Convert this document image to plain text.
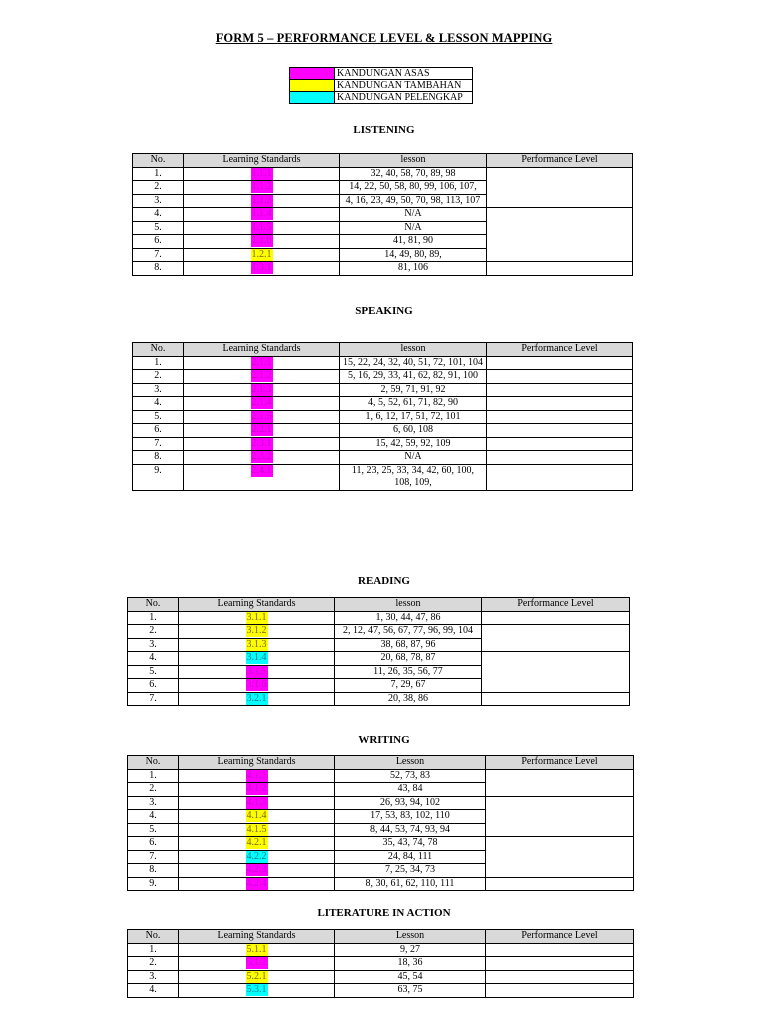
FORM 5 – PERFORMANCE LEVEL & LESSON MAPPING
	KANDUNGAN ASAS
	KANDUNGAN TAMBAHAN
	KANDUNGAN PELENGKAP
LISTENING
No.	Learning Standards	lesson	Performance Level
1.	1.1.1	32, 40, 58, 70, 89, 98	
2.	1.1.2	14, 22, 50, 58, 80, 99, 106, 107,	
3.	1.1.3	4, 16, 23, 49, 50, 70, 98, 113, 107	
4.	1.1.4	N/A	
5.	1.1.5	N/A	
6.	1.1.6	41, 81, 90	
7.	1.2.1	14, 49, 80, 89,	
8.	1.3.1	81, 106	
SPEAKING
No.	Learning Standards	lesson	Performance Level
1.	2.1.1	15, 22, 24, 32, 40, 51, 72, 101, 104	
2.	2.1.2	5, 16, 29, 33, 41, 62, 82, 91, 100	
3.	2.1.3	2, 59, 71, 91, 92	
4.	2.1.4	4, 5, 52, 61, 71, 82, 90	
5.	2.1.5	1, 6, 12, 17, 51, 72, 101	
6.	2.2.1	6, 60, 108	
7.	2.3.1	15, 42, 59, 92, 109	
8.	2.3.2	N/A	
9.	2.4.1	11, 23, 25, 33, 34, 42, 60, 100, 108, 109,	
READING
No.	Learning Standards	lesson	Performance Level
1.	3.1.1	1, 30, 44, 47, 86	
2.	3.1.2	2, 12, 47, 56, 67, 77, 96, 99, 104	
3.	3.1.3	38, 68, 87, 96	
4.	3.1.4	20, 68, 78, 87	
5.	3.1.5	11, 26, 35, 56, 77	
6.	3.1.6	7, 29, 67	
7.	3.2.1	20, 38, 86	
WRITING
No.	Learning Standards	Lesson	Performance Level
1.	4.1.1	52, 73, 83	
2.	4.1.2	43, 84	
3.	4.1.3	26, 93, 94, 102	
4.	4.1.4	17, 53, 83, 102, 110	
5.	4.1.5	8, 44, 53, 74, 93, 94	
6.	4.2.1	35, 43, 74, 78	
7.	4.2.2	24, 84, 111	
8.	4.2.3	7, 25, 34, 73	
9.	4.2.4	8, 30, 61, 62, 110, 111	
LITERATURE IN ACTION
No.	Learning Standards	Lesson	Performance Level
1.	5.1.1	9, 27	
2.	5.1.2	18, 36	
3.	5.2.1	45, 54	
4.	5.3.1	63, 75	
